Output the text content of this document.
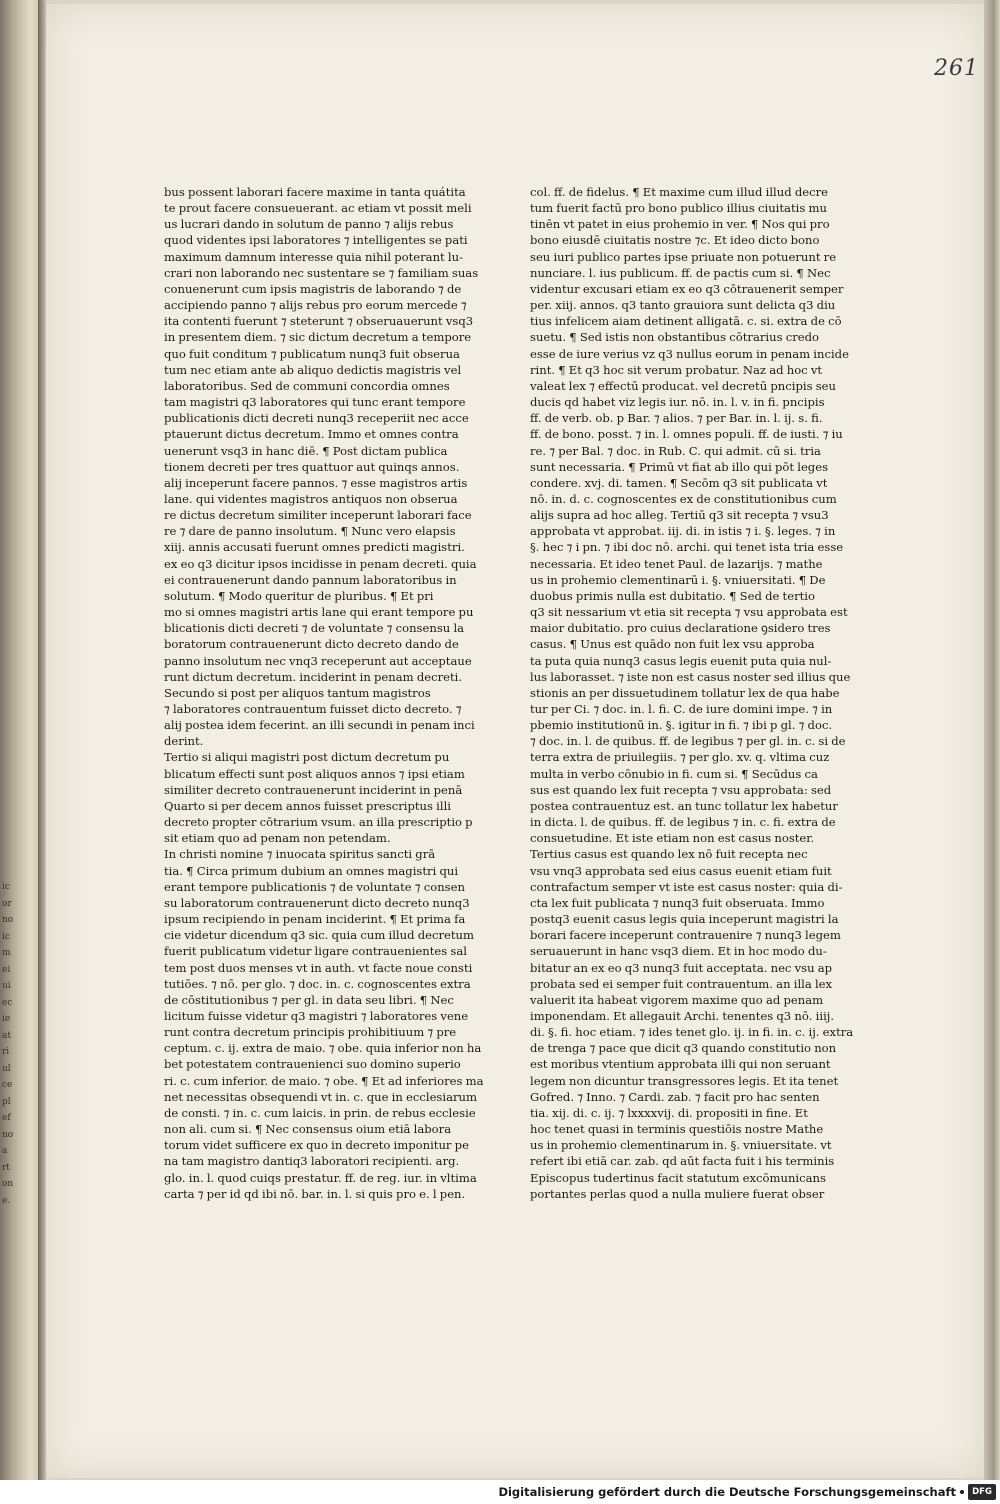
ic
or
no
ic
m
ei
ui
ec
ie
at
ri
ul
ce
pl
ef
no
a
rt
on
e.
261
bus possent laborari facere maxime in tanta quátita
te prout facere consueuerant. ac etiam vt possit meli
us lucrari dando in solutum de panno ⁊ alijs rebus
quod videntes ipsi laboratores ⁊ intelligentes se pati
maximum damnum interesse quia nihil poterant lu-
crari non laborando nec sustentare se ⁊ familiam suas
conuenerunt cum ipsis magistris de laborando ⁊ de
accipiendo panno ⁊ alijs rebus pro eorum mercede ⁊
ita contenti fuerunt ⁊ steterunt ⁊ obseruauerunt vsq3
in presentem diem. ⁊ sic dictum decretum a tempore
quo fuit conditum ⁊ publicatum nunq3 fuit obserua
tum nec etiam ante ab aliquo dedictis magistris vel
laboratoribus. Sed de communi concordia omnes
tam magistri q3 laboratores qui tunc erant tempore
publicationis dicti decreti nunq3 receperiit nec acce
ptauerunt dictus decretum. Immo et omnes contra
uenerunt vsq3 in hanc diē. ¶ Post dictam publica
tionem decreti per tres quattuor aut quinqs annos.
alij inceperunt facere pannos. ⁊ esse magistros artis
lane. qui videntes magistros antiquos non obserua
re dictus decretum similiter inceperunt laborari face
re ⁊ dare de panno insolutum. ¶ Nunc vero elapsis
xiij. annis accusati fuerunt omnes predicti magistri.
ex eo q3 dicitur ipsos incidisse in penam decreti. quia
ei contrauenerunt dando pannum laboratoribus in
solutum. ¶ Modo queritur de pluribus. ¶ Et pri
mo si omnes magistri artis lane qui erant tempore pu
blicationis dicti decreti ⁊ de voluntate ⁊ consensu la
boratorum contrauenerunt dicto decreto dando de
panno insolutum nec vnq3 receperunt aut acceptaue
runt dictum decretum. inciderint in penam decreti.
Secundo si post per aliquos tantum magistros
⁊ laboratores contrauentum fuisset dicto decreto. ⁊
alij postea idem fecerint. an illi secundi in penam inci
derint.
Tertio si aliqui magistri post dictum decretum pu
blicatum effecti sunt post aliquos annos ⁊ ipsi etiam
similiter decreto contrauenerunt inciderint in penā
Quarto si per decem annos fuisset prescriptus illi
decreto propter cōtrarium vsum. an illa prescriptio p
sit etiam quo ad penam non petendam.
In christi nomine ⁊ inuocata spiritus sancti grā
tia. ¶ Circa primum dubium an omnes magistri qui
erant tempore publicationis ⁊ de voluntate ⁊ consen
su laboratorum contrauenerunt dicto decreto nunq3
ipsum recipiendo in penam inciderint. ¶ Et prima fa
cie videtur dicendum q3 sic. quia cum illud decretum
fuerit publicatum videtur ligare contrauenientes sal
tem post duos menses vt in auth. vt facte noue consti
tutiōes. ⁊ nō. per glo. ⁊ doc. in. c. cognoscentes extra
de cōstitutionibus ⁊ per gl. in data seu libri. ¶ Nec
licitum fuisse videtur q3 magistri ⁊ laboratores vene
runt contra decretum principis prohibitiuum ⁊ pre
ceptum. c. ij. extra de maio. ⁊ obe. quia inferior non ha
bet potestatem contrauenienci suo domino superio
ri. c. cum inferior. de maio. ⁊ obe. ¶ Et ad inferiores ma
net necessitas obsequendi vt in. c. que in ecclesiarum
de consti. ⁊ in. c. cum laicis. in prin. de rebus ecclesie
non ali. cum si. ¶ Nec consensus oium etiā labora
torum videt sufficere ex quo in decreto imponitur pe
na tam magistro dantiq3 laboratori recipienti. arg.
glo. in. l. quod cuiqs prestatur. ff. de reg. iur. in vltima
carta ⁊ per id qd ibi nō. bar. in. l. si quis pro e. l pen.
col. ff. de fidelus. ¶ Et maxime cum illud illud decre
tum fuerit factū pro bono publico illius ciuitatis mu
tinēn vt patet in eius prohemio in ver. ¶ Nos qui pro
bono eiusdē ciuitatis nostre ⁊c. Et ideo dicto bono
seu iuri publico partes ipse priuate non potuerunt re
nunciare. l. ius publicum. ff. de pactis cum si. ¶ Nec
videntur excusari etiam ex eo q3 cōtrauenerit semper
per. xiij. annos. q3 tanto grauiora sunt delicta q3 diu
tius infelicem aiam detinent alligatā. c. si. extra de cō
suetu. ¶ Sed istis non obstantibus cōtrarius credo
esse de iure verius vz q3 nullus eorum in penam incide
rint. ¶ Et q3 hoc sit verum probatur. Naz ad hoc vt
valeat lex ⁊ effectū producat. vel decretū pncipis seu
ducis qd habet viz legis iur. nō. in. l. v. in fi. pncipis
ff. de verb. ob. p Bar. ⁊ alios. ⁊ per Bar. in. l. ij. s. fi.
ff. de bono. posst. ⁊ in. l. omnes populi. ff. de iusti. ⁊ iu
re. ⁊ per Bal. ⁊ doc. in Rub. C. qui admit. cū si. tria
sunt necessaria. ¶ Primū vt fiat ab illo qui pōt leges
condere. xvj. di. tamen. ¶ Secōm q3 sit publicata vt
nō. in. d. c. cognoscentes ex de constitutionibus cum
alijs supra ad hoc alleg. Tertiū q3 sit recepta ⁊ vsu3
approbata vt approbat. iij. di. in istis ⁊ i. §. leges. ⁊ in
§. hec ⁊ i pn. ⁊ ibi doc nō. archi. qui tenet ista tria esse
necessaria. Et ideo tenet Paul. de lazarijs. ⁊ mathe
us in prohemio clementinarū i. §. vniuersitati. ¶ De
duobus primis nulla est dubitatio. ¶ Sed de tertio
q3 sit nessarium vt etia sit recepta ⁊ vsu approbata est
maior dubitatio. pro cuius declaratione ꝯsidero tres
casus. ¶ Unus est quādo non fuit lex vsu approba
ta puta quia nunq3 casus legis euenit puta quia nul-
lus laborasset. ⁊ iste non est casus noster sed illius que
stionis an per dissuetudinem tollatur lex de qua habe
tur per Ci. ⁊ doc. in. l. fi. C. de iure domini impe. ⁊ in
pbemio institutionū in. §. igitur in fi. ⁊ ibi p gl. ⁊ doc.
⁊ doc. in. l. de quibus. ff. de legibus ⁊ per gl. in. c. si de
terra extra de priuilegiis. ⁊ per glo. xv. q. vltima cuz
multa in verbo cōnubio in fi. cum si. ¶ Secūdus ca
sus est quando lex fuit recepta ⁊ vsu approbata: sed
postea contrauentuz est. an tunc tollatur lex habetur
in dicta. l. de quibus. ff. de legibus ⁊ in. c. fi. extra de
consuetudine. Et iste etiam non est casus noster.
Tertius casus est quando lex nō fuit recepta nec
vsu vnq3 approbata sed eius casus euenit etiam fuit
contrafactum semper vt iste est casus noster: quia di-
cta lex fuit publicata ⁊ nunq3 fuit obseruata. Immo
postq3 euenit casus legis quia inceperunt magistri la
borari facere inceperunt contrauenire ⁊ nunq3 legem
seruauerunt in hanc vsq3 diem. Et in hoc modo du-
bitatur an ex eo q3 nunq3 fuit acceptata. nec vsu ap
probata sed ei semper fuit contrauentum. an illa lex
valuerit ita habeat vigorem maxime quo ad penam
imponendam. Et allegauit Archi. tenentes q3 nō. iiij.
di. §. fi. hoc etiam. ⁊ ides tenet glo. ij. in fi. in. c. ij. extra
de trenga ⁊ pace que dicit q3 quando constitutio non
est moribus vtentium approbata illi qui non seruant
legem non dicuntur transgressores legis. Et ita tenet
Gofred. ⁊ Inno. ⁊ Cardi. zab. ⁊ facit pro hac senten
tia. xij. di. c. ij. ⁊ lxxxxvij. di. propositi in fine. Et
hoc tenet quasi in terminis questiōis nostre Mathe
us in prohemio clementinarum in. §. vniuersitate. vt
refert ibi etiā car. zab. qd aūt facta fuit i his terminis
Episcopus tudertinus facit statutum excōmunicans
portantes perlas quod a nulla muliere fuerat obser
Digitalisierung gefördert durch die Deutsche Forschungsgemeinschaft	DFG
